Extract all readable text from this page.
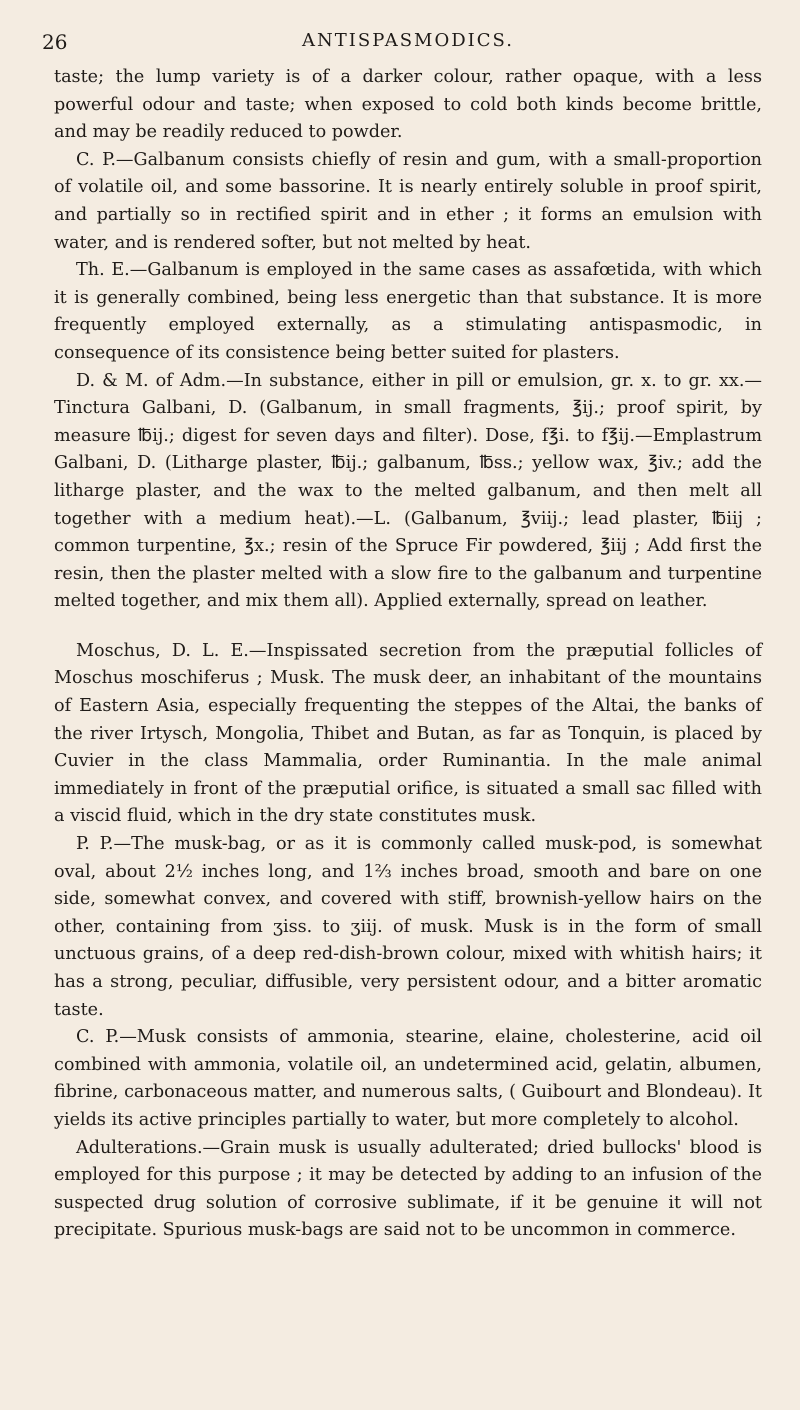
26	ANTISPASMODICS.

taste; the lump variety is of a darker colour, rather opaque, with a less powerful odour and taste; when exposed to cold both kinds become brittle, and may be readily reduced to powder.

C. P.—Galbanum consists chiefly of resin and gum, with a small-proportion of volatile oil, and some bassorine. It is nearly entirely soluble in proof spirit, and partially so in rectified spirit and in ether ; it forms an emulsion with water, and is rendered softer, but not melted by heat.

Th. E.—Galbanum is employed in the same cases as assafœtida, with which it is generally combined, being less energetic than that substance. It is more frequently employed externally, as a stimulating antispasmodic, in consequence of its consistence being better suited for plasters.

D. & M. of Adm.—In substance, either in pill or emulsion, gr. x. to gr. xx.— Tinctura Galbani, D. (Galbanum, in small fragments, ℥ij.; proof spirit, by measure ℔ij.; digest for seven days and filter). Dose, f℥i. to f℥ij.—Emplastrum Galbani, D. (Litharge plaster, ℔ij.; galbanum, ℔ss.; yellow wax, ℥iv.; add the litharge plaster, and the wax to the melted galbanum, and then melt all together with a medium heat).—L. (Galbanum, ℥viij.; lead plaster, ℔iij ; common turpentine, ℥x.; resin of the Spruce Fir powdered, ℥iij ; Add first the resin, then the plaster melted with a slow fire to the galbanum and turpentine melted together, and mix them all). Applied externally, spread on leather.

Moschus, D. L. E.—Inspissated secretion from the præputial follicles of Moschus moschiferus ; Musk. The musk deer, an inhabitant of the mountains of Eastern Asia, especially frequenting the steppes of the Altai, the banks of the river Irtysch, Mongolia, Thibet and Butan, as far as Tonquin, is placed by Cuvier in the class Mammalia, order Ruminantia. In the male animal immediately in front of the præputial orifice, is situated a small sac filled with a viscid fluid, which in the dry state constitutes musk.

P. P.—The musk-bag, or as it is commonly called musk-pod, is somewhat oval, about 2½ inches long, and 1⅔ inches broad, smooth and bare on one side, somewhat convex, and covered with stiff, brownish-yellow hairs on the other, containing from ʒiss. to ʒiij. of musk. Musk is in the form of small unctuous grains, of a deep red-dish-brown colour, mixed with whitish hairs; it has a strong, peculiar, diffusible, very persistent odour, and a bitter aromatic taste.

C. P.—Musk consists of ammonia, stearine, elaine, cholesterine, acid oil combined with ammonia, volatile oil, an undetermined acid, gelatin, albumen, fibrine, carbonaceous matter, and numerous salts, ( Guibourt and Blondeau). It yields its active principles partially to water, but more completely to alcohol.

Adulterations.—Grain musk is usually adulterated; dried bullocks' blood is employed for this purpose ; it may be detected by adding to an infusion of the suspected drug solution of corrosive sublimate, if it be genuine it will not precipitate. Spurious musk-bags are said not to be uncommon in commerce.
